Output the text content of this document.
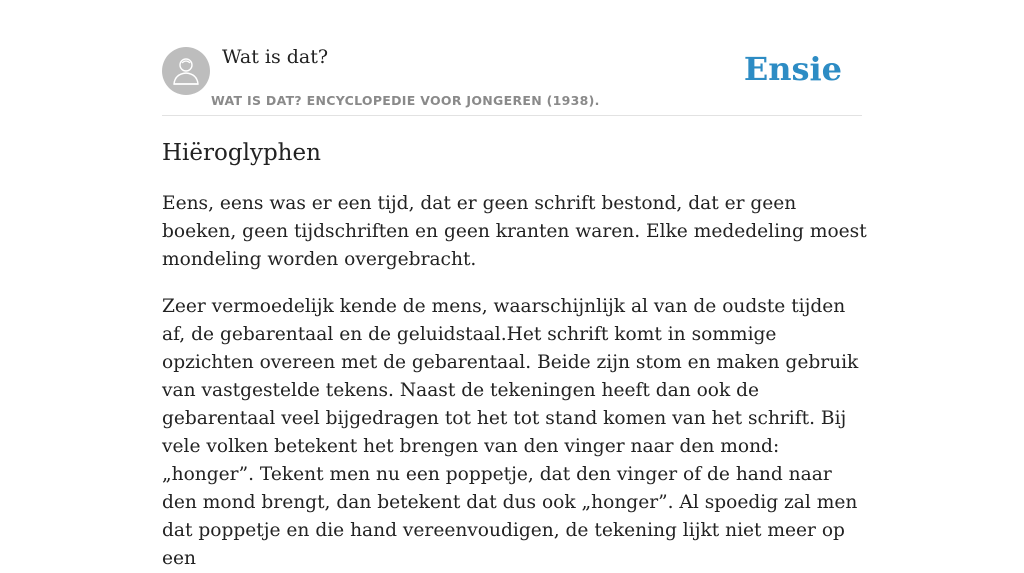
Wat is dat?
WAT IS DAT? ENCYCLOPEDIE VOOR JONGEREN (1938).
Ensie
Hiëroglyphen

Eens, eens was er een tijd, dat er geen schrift bestond, dat er geen boeken, geen tijdschriften en geen kranten waren. Elke mededeling moest mondeling worden overgebracht.

Zeer vermoedelijk kende de mens, waarschijnlijk al van de oudste tijden af, de gebarentaal en de geluidstaal.Het schrift komt in sommige opzichten overeen met de gebarentaal. Beide zijn stom en maken gebruik van vastgestelde tekens. Naast de tekeningen heeft dan ook de gebarentaal veel bijgedragen tot het tot stand komen van het schrift. Bij vele volken betekent het brengen van den vinger naar den mond: „honger”. Tekent men nu een poppetje, dat den vinger of de hand naar den mond brengt, dan betekent dat dus ook „honger”. Al spoedig zal men dat poppetje en die hand vereenvoudigen, de tekening lijkt niet meer op een
